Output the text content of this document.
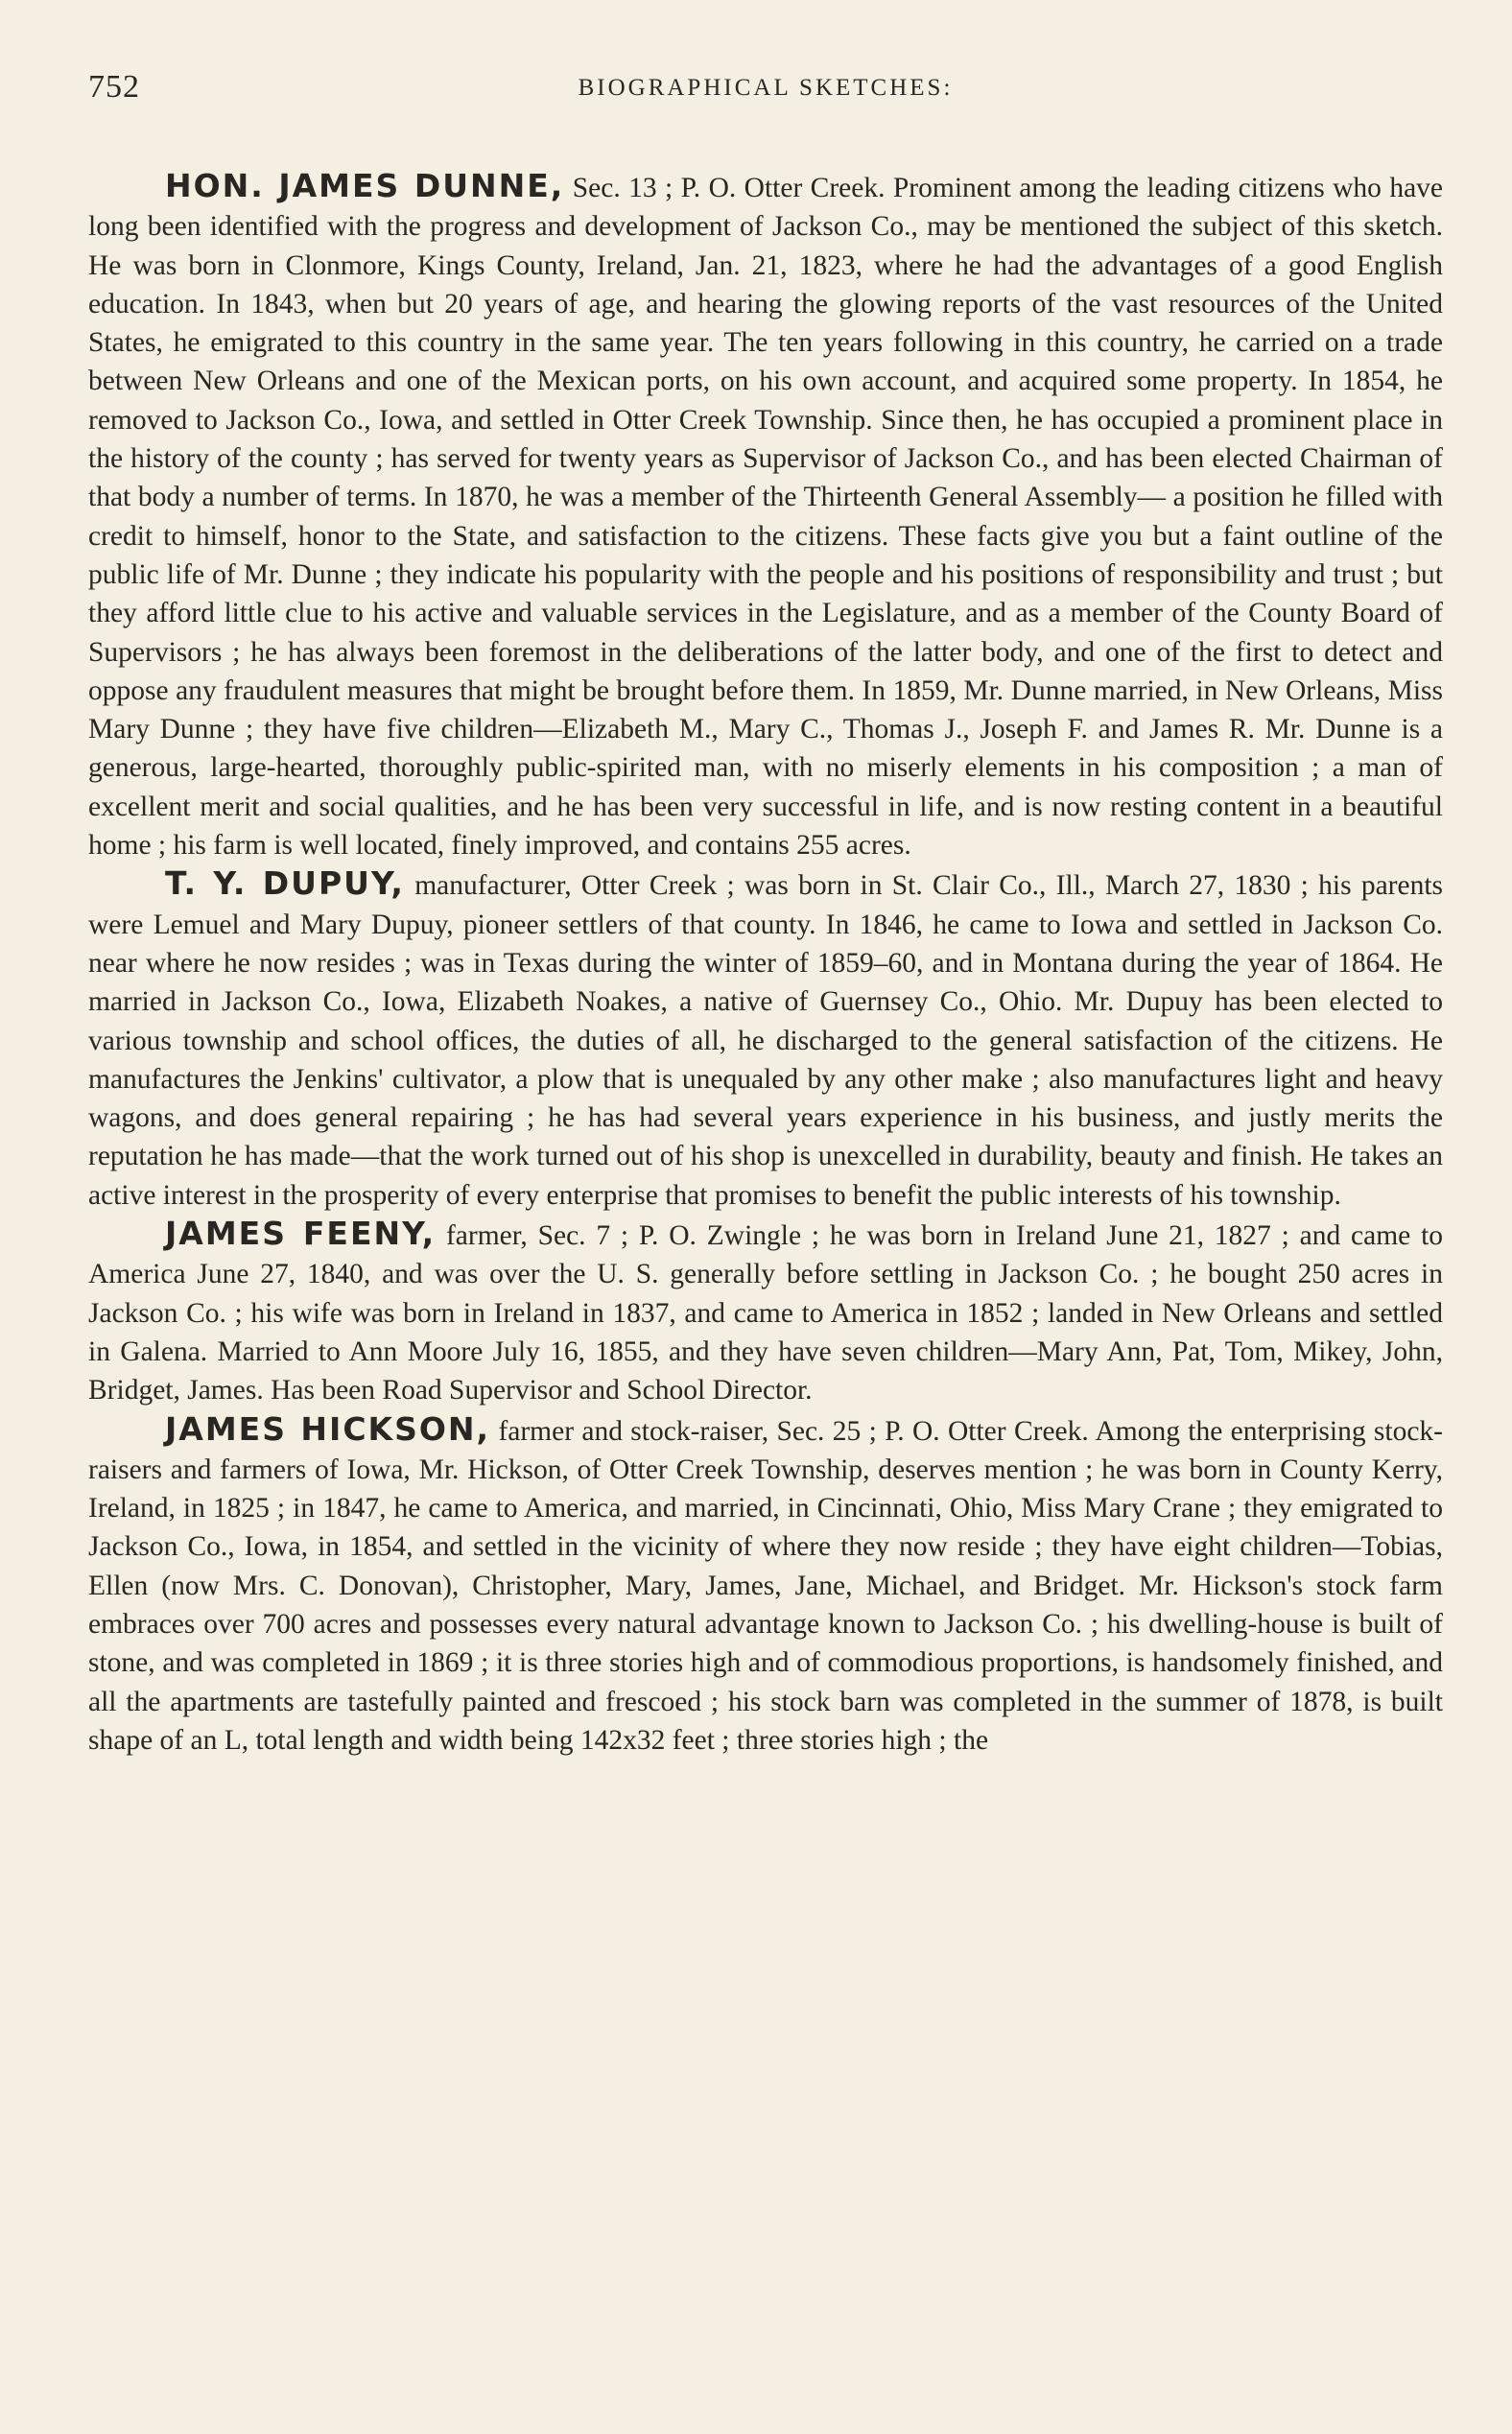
752	BIOGRAPHICAL SKETCHES:

HON. JAMES DUNNE, Sec. 13 ; P. O. Otter Creek. Prominent among the leading citizens who have long been identified with the progress and development of Jackson Co., may be mentioned the subject of this sketch. He was born in Clonmore, Kings County, Ireland, Jan. 21, 1823, where he had the advantages of a good English education. In 1843, when but 20 years of age, and hearing the glowing reports of the vast resources of the United States, he emigrated to this country in the same year. The ten years following in this country, he carried on a trade between New Orleans and one of the Mexican ports, on his own account, and acquired some property. In 1854, he removed to Jackson Co., Iowa, and settled in Otter Creek Township. Since then, he has occupied a prominent place in the history of the county ; has served for twenty years as Supervisor of Jackson Co., and has been elected Chairman of that body a number of terms. In 1870, he was a member of the Thirteenth General Assembly— a position he filled with credit to himself, honor to the State, and satisfaction to the citizens. These facts give you but a faint outline of the public life of Mr. Dunne ; they indicate his popularity with the people and his positions of responsibility and trust ; but they afford little clue to his active and valuable services in the Legislature, and as a member of the County Board of Supervisors ; he has always been foremost in the deliberations of the latter body, and one of the first to detect and oppose any fraudulent measures that might be brought before them. In 1859, Mr. Dunne married, in New Orleans, Miss Mary Dunne ; they have five children—Elizabeth M., Mary C., Thomas J., Joseph F. and James R. Mr. Dunne is a generous, large-hearted, thoroughly public-spirited man, with no miserly elements in his composition ; a man of excellent merit and social qualities, and he has been very successful in life, and is now resting content in a beautiful home ; his farm is well located, finely improved, and contains 255 acres.

T. Y. DUPUY, manufacturer, Otter Creek ; was born in St. Clair Co., Ill., March 27, 1830 ; his parents were Lemuel and Mary Dupuy, pioneer settlers of that county. In 1846, he came to Iowa and settled in Jackson Co. near where he now resides ; was in Texas during the winter of 1859–60, and in Montana during the year of 1864. He married in Jackson Co., Iowa, Elizabeth Noakes, a native of Guernsey Co., Ohio. Mr. Dupuy has been elected to various township and school offices, the duties of all, he discharged to the general satisfaction of the citizens. He manufactures the Jenkins' cultivator, a plow that is unequaled by any other make ; also manufactures light and heavy wagons, and does general repairing ; he has had several years experience in his business, and justly merits the reputation he has made—that the work turned out of his shop is unexcelled in durability, beauty and finish. He takes an active interest in the prosperity of every enterprise that promises to benefit the public interests of his township.

JAMES FEENY, farmer, Sec. 7 ; P. O. Zwingle ; he was born in Ireland June 21, 1827 ; and came to America June 27, 1840, and was over the U. S. generally before settling in Jackson Co. ; he bought 250 acres in Jackson Co. ; his wife was born in Ireland in 1837, and came to America in 1852 ; landed in New Orleans and settled in Galena. Married to Ann Moore July 16, 1855, and they have seven children—Mary Ann, Pat, Tom, Mikey, John, Bridget, James. Has been Road Supervisor and School Director.

JAMES HICKSON, farmer and stock-raiser, Sec. 25 ; P. O. Otter Creek. Among the enterprising stock-raisers and farmers of Iowa, Mr. Hickson, of Otter Creek Township, deserves mention ; he was born in County Kerry, Ireland, in 1825 ; in 1847, he came to America, and married, in Cincinnati, Ohio, Miss Mary Crane ; they emigrated to Jackson Co., Iowa, in 1854, and settled in the vicinity of where they now reside ; they have eight children—Tobias, Ellen (now Mrs. C. Donovan), Christopher, Mary, James, Jane, Michael, and Bridget. Mr. Hickson's stock farm embraces over 700 acres and possesses every natural advantage known to Jackson Co. ; his dwelling-house is built of stone, and was completed in 1869 ; it is three stories high and of commodious proportions, is handsomely finished, and all the apartments are tastefully painted and frescoed ; his stock barn was completed in the summer of 1878, is built shape of an L, total length and width being 142x32 feet ; three stories high ; the
